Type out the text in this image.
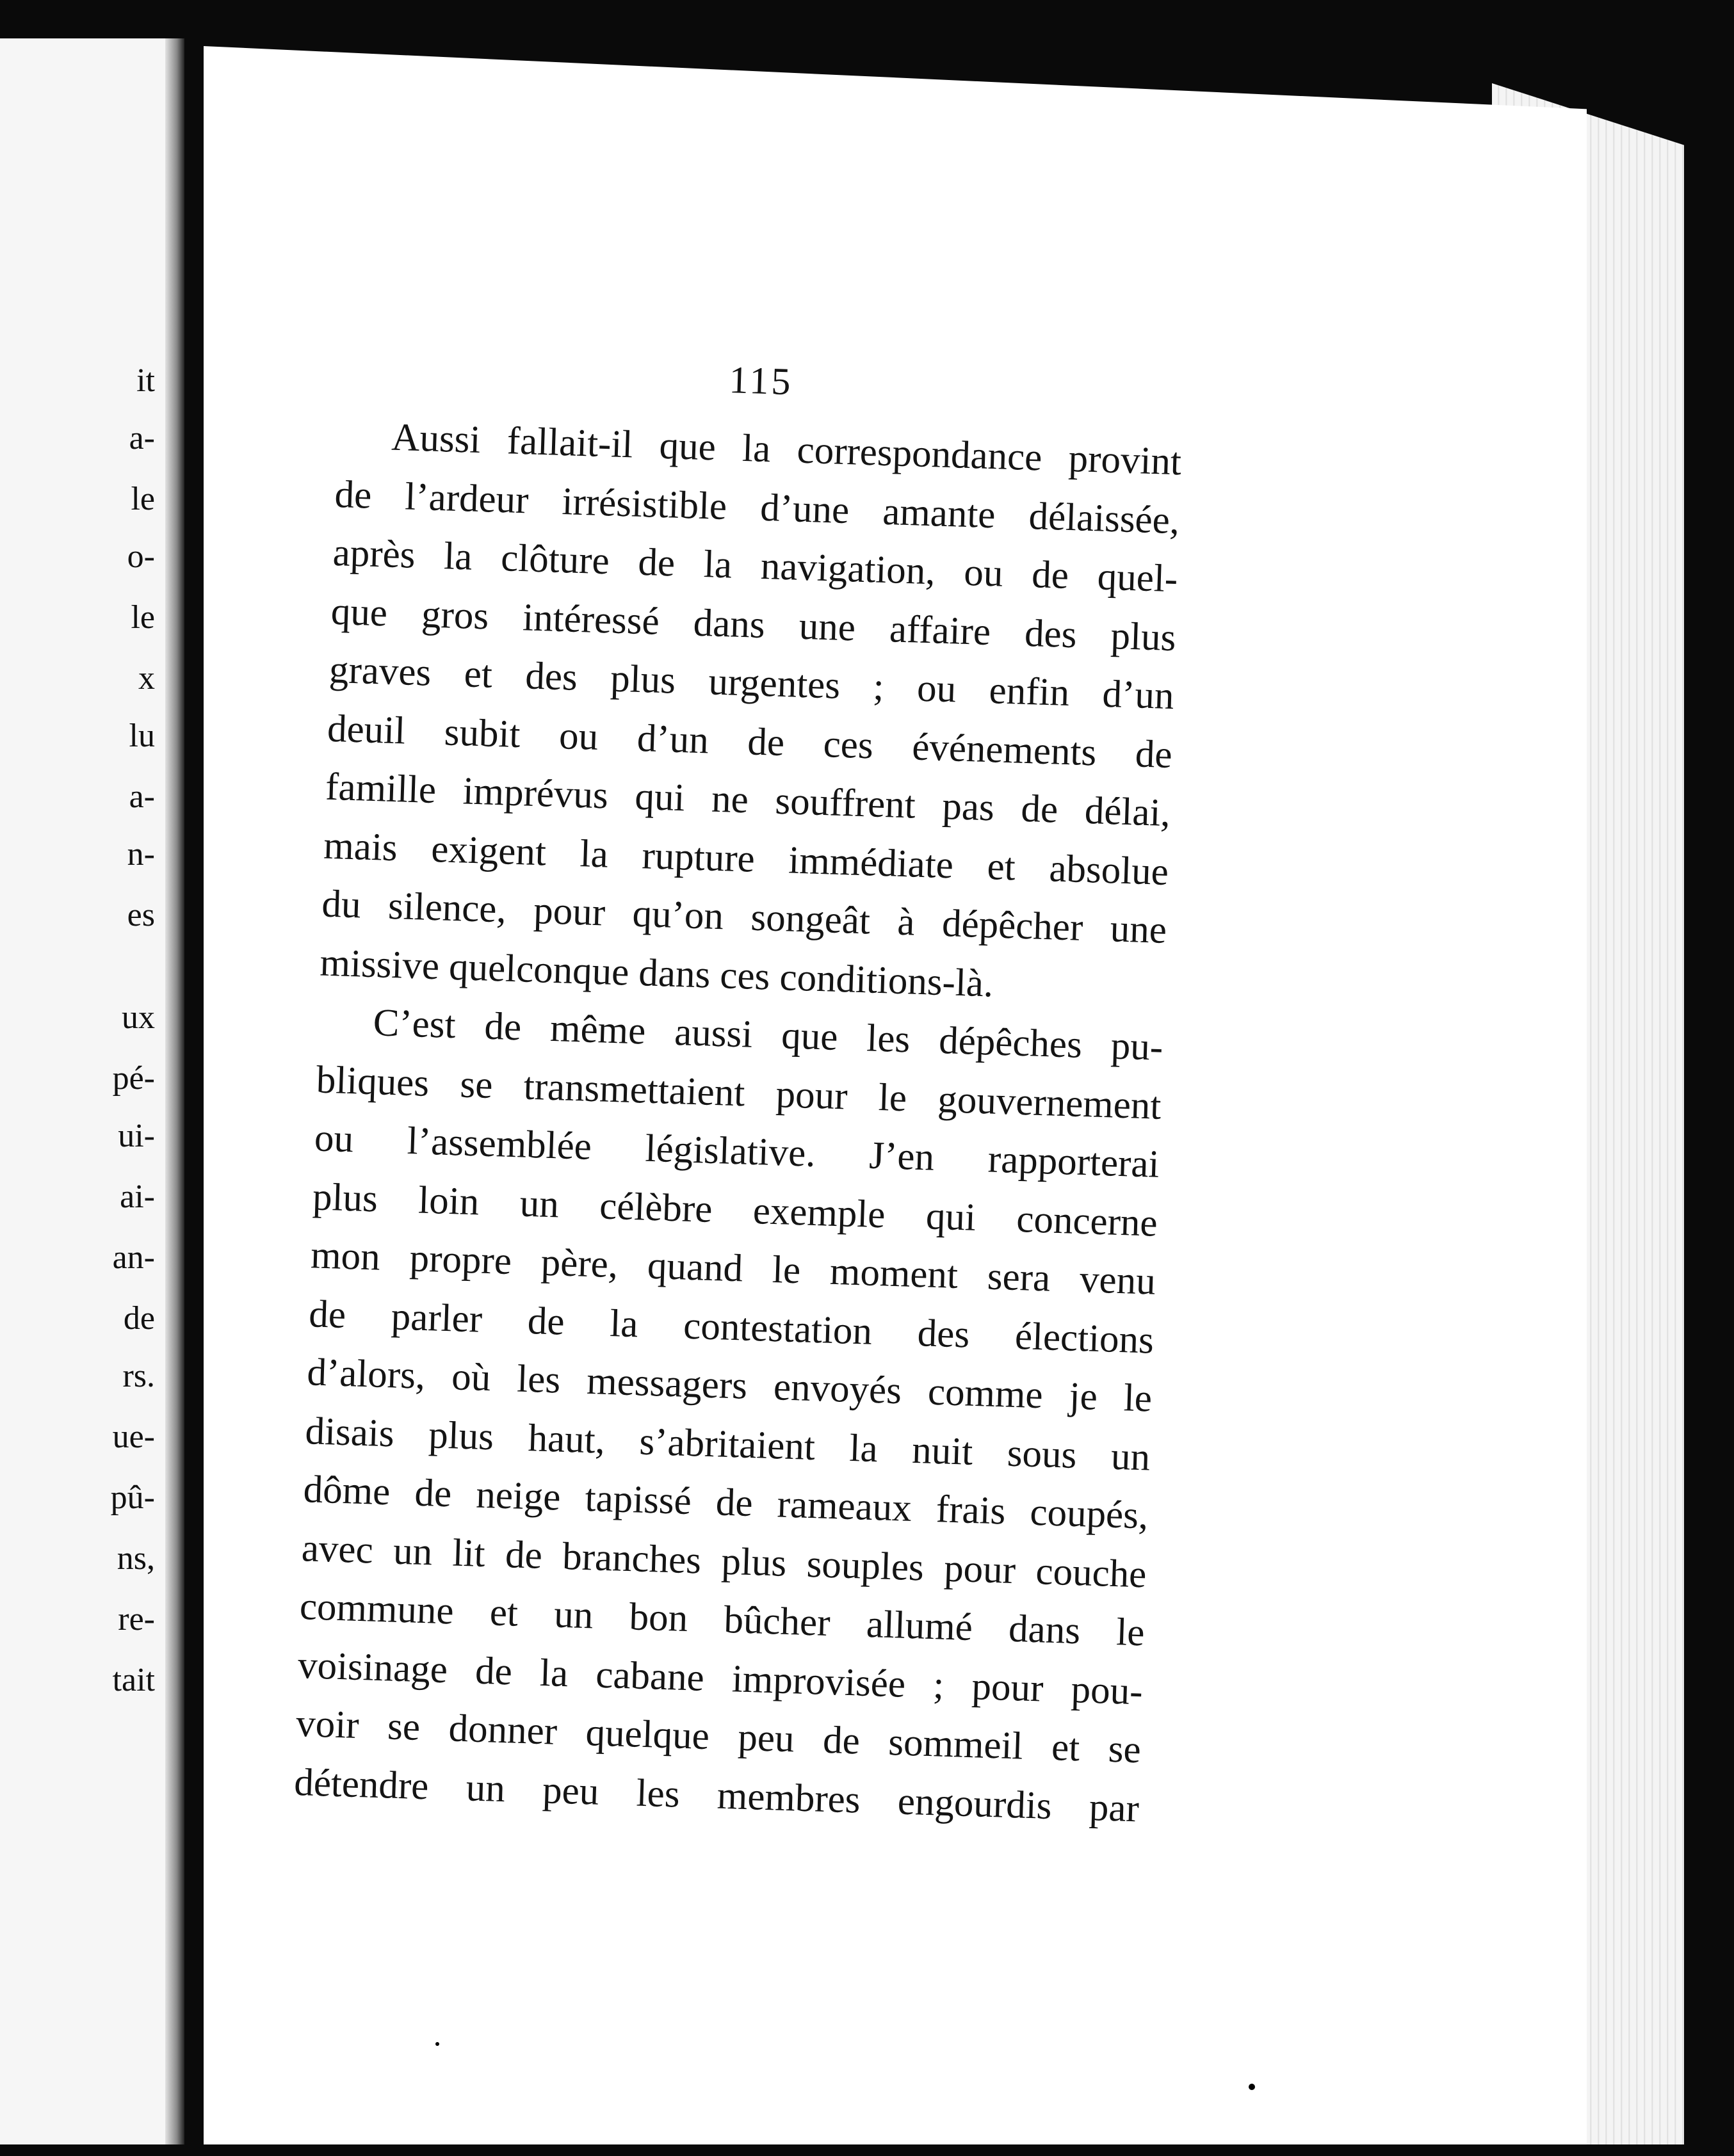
it
a-
le
o-
le
x
lu
a-
n-
es
ux
pé-
ui-
ai-
an-
de
rs.
ue-
pû-
ns,
re-
tait
115
Aussi fallait-il que la correspondance provint
de l’ardeur irrésistible d’une amante délaissée,
après la clôture de la navigation, ou de quel-
que gros intéressé dans une affaire des plus
graves et des plus urgentes ; ou enfin d’un
deuil subit ou d’un de ces événements de
famille imprévus qui ne souffrent pas de délai,
mais exigent la rupture immédiate et absolue
du silence, pour qu’on songeât à dépêcher une
missive quelconque dans ces conditions-là.
C’est de même aussi que les dépêches pu-
bliques se transmettaient pour le gouvernement
ou l’assemblée législative. J’en rapporterai
plus loin un célèbre exemple qui concerne
mon propre père, quand le moment sera venu
de parler de la contestation des élections
d’alors, où les messagers envoyés comme je le
disais plus haut, s’abritaient la nuit sous un
dôme de neige tapissé de rameaux frais coupés,
avec un lit de branches plus souples pour couche
commune et un bon bûcher allumé dans le
voisinage de la cabane improvisée ; pour pou-
voir se donner quelque peu de sommeil et se
détendre un peu les membres engourdis par
